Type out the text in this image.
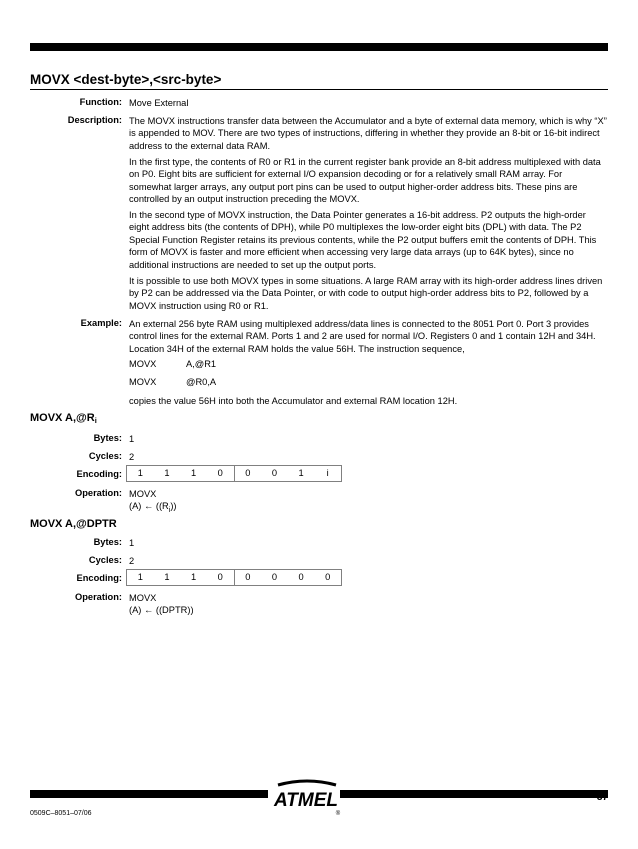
MOVX <dest-byte>,<src-byte>
Function: Move External
Description: The MOVX instructions transfer data between the Accumulator and a byte of external data memory, which is why “X” is appended to MOV. There are two types of instructions, differing in whether they provide an 8-bit or 16-bit indirect address to the external data RAM.

In the first type, the contents of R0 or R1 in the current register bank provide an 8-bit address multiplexed with data on P0. Eight bits are sufficient for external I/O expansion decoding or for a relatively small RAM array. For somewhat larger arrays, any output port pins can be used to output higher-order address bits. These pins are controlled by an output instruction preceding the MOVX.

In the second type of MOVX instruction, the Data Pointer generates a 16-bit address. P2 outputs the high-order eight address bits (the contents of DPH), while P0 multiplexes the low-order eight bits (DPL) with data. The P2 Special Function Register retains its previous contents, while the P2 output buffers emit the contents of DPH. This form of MOVX is faster and more efficient when accessing very large data arrays (up to 64K bytes), since no additional instructions are needed to set up the output ports.

It is possible to use both MOVX types in some situations. A large RAM array with its high-order address lines driven by P2 can be addressed via the Data Pointer, or with code to output high-order address bits to P2, followed by a MOVX instruction using R0 or R1.

Example: An external 256 byte RAM using multiplexed address/data lines is connected to the 8051 Port 0. Port 3 provides control lines for the external RAM. Ports 1 and 2 are used for normal I/O. Registers 0 and 1 contain 12H and 34H. Location 34H of the external RAM holds the value 56H. The instruction sequence,
MOVX	A,@R1
MOVX	@R0,A
copies the value 56H into both the Accumulator and external RAM location 12H.
MOVX $A,@R_i$
Bytes: 1
Cycles: 2
Encoding:	1	1	1	0	0	0	1	i
Operation: MOVX
(A) ← $((R_i))$
MOVX A,@DPTR
Bytes: 1
Cycles: 2
Encoding:	1	1	1	0	0	0	0	0
Operation: MOVX
(A) ← ((DPTR))
ATMEL
®
37
0509C–8051–07/06
